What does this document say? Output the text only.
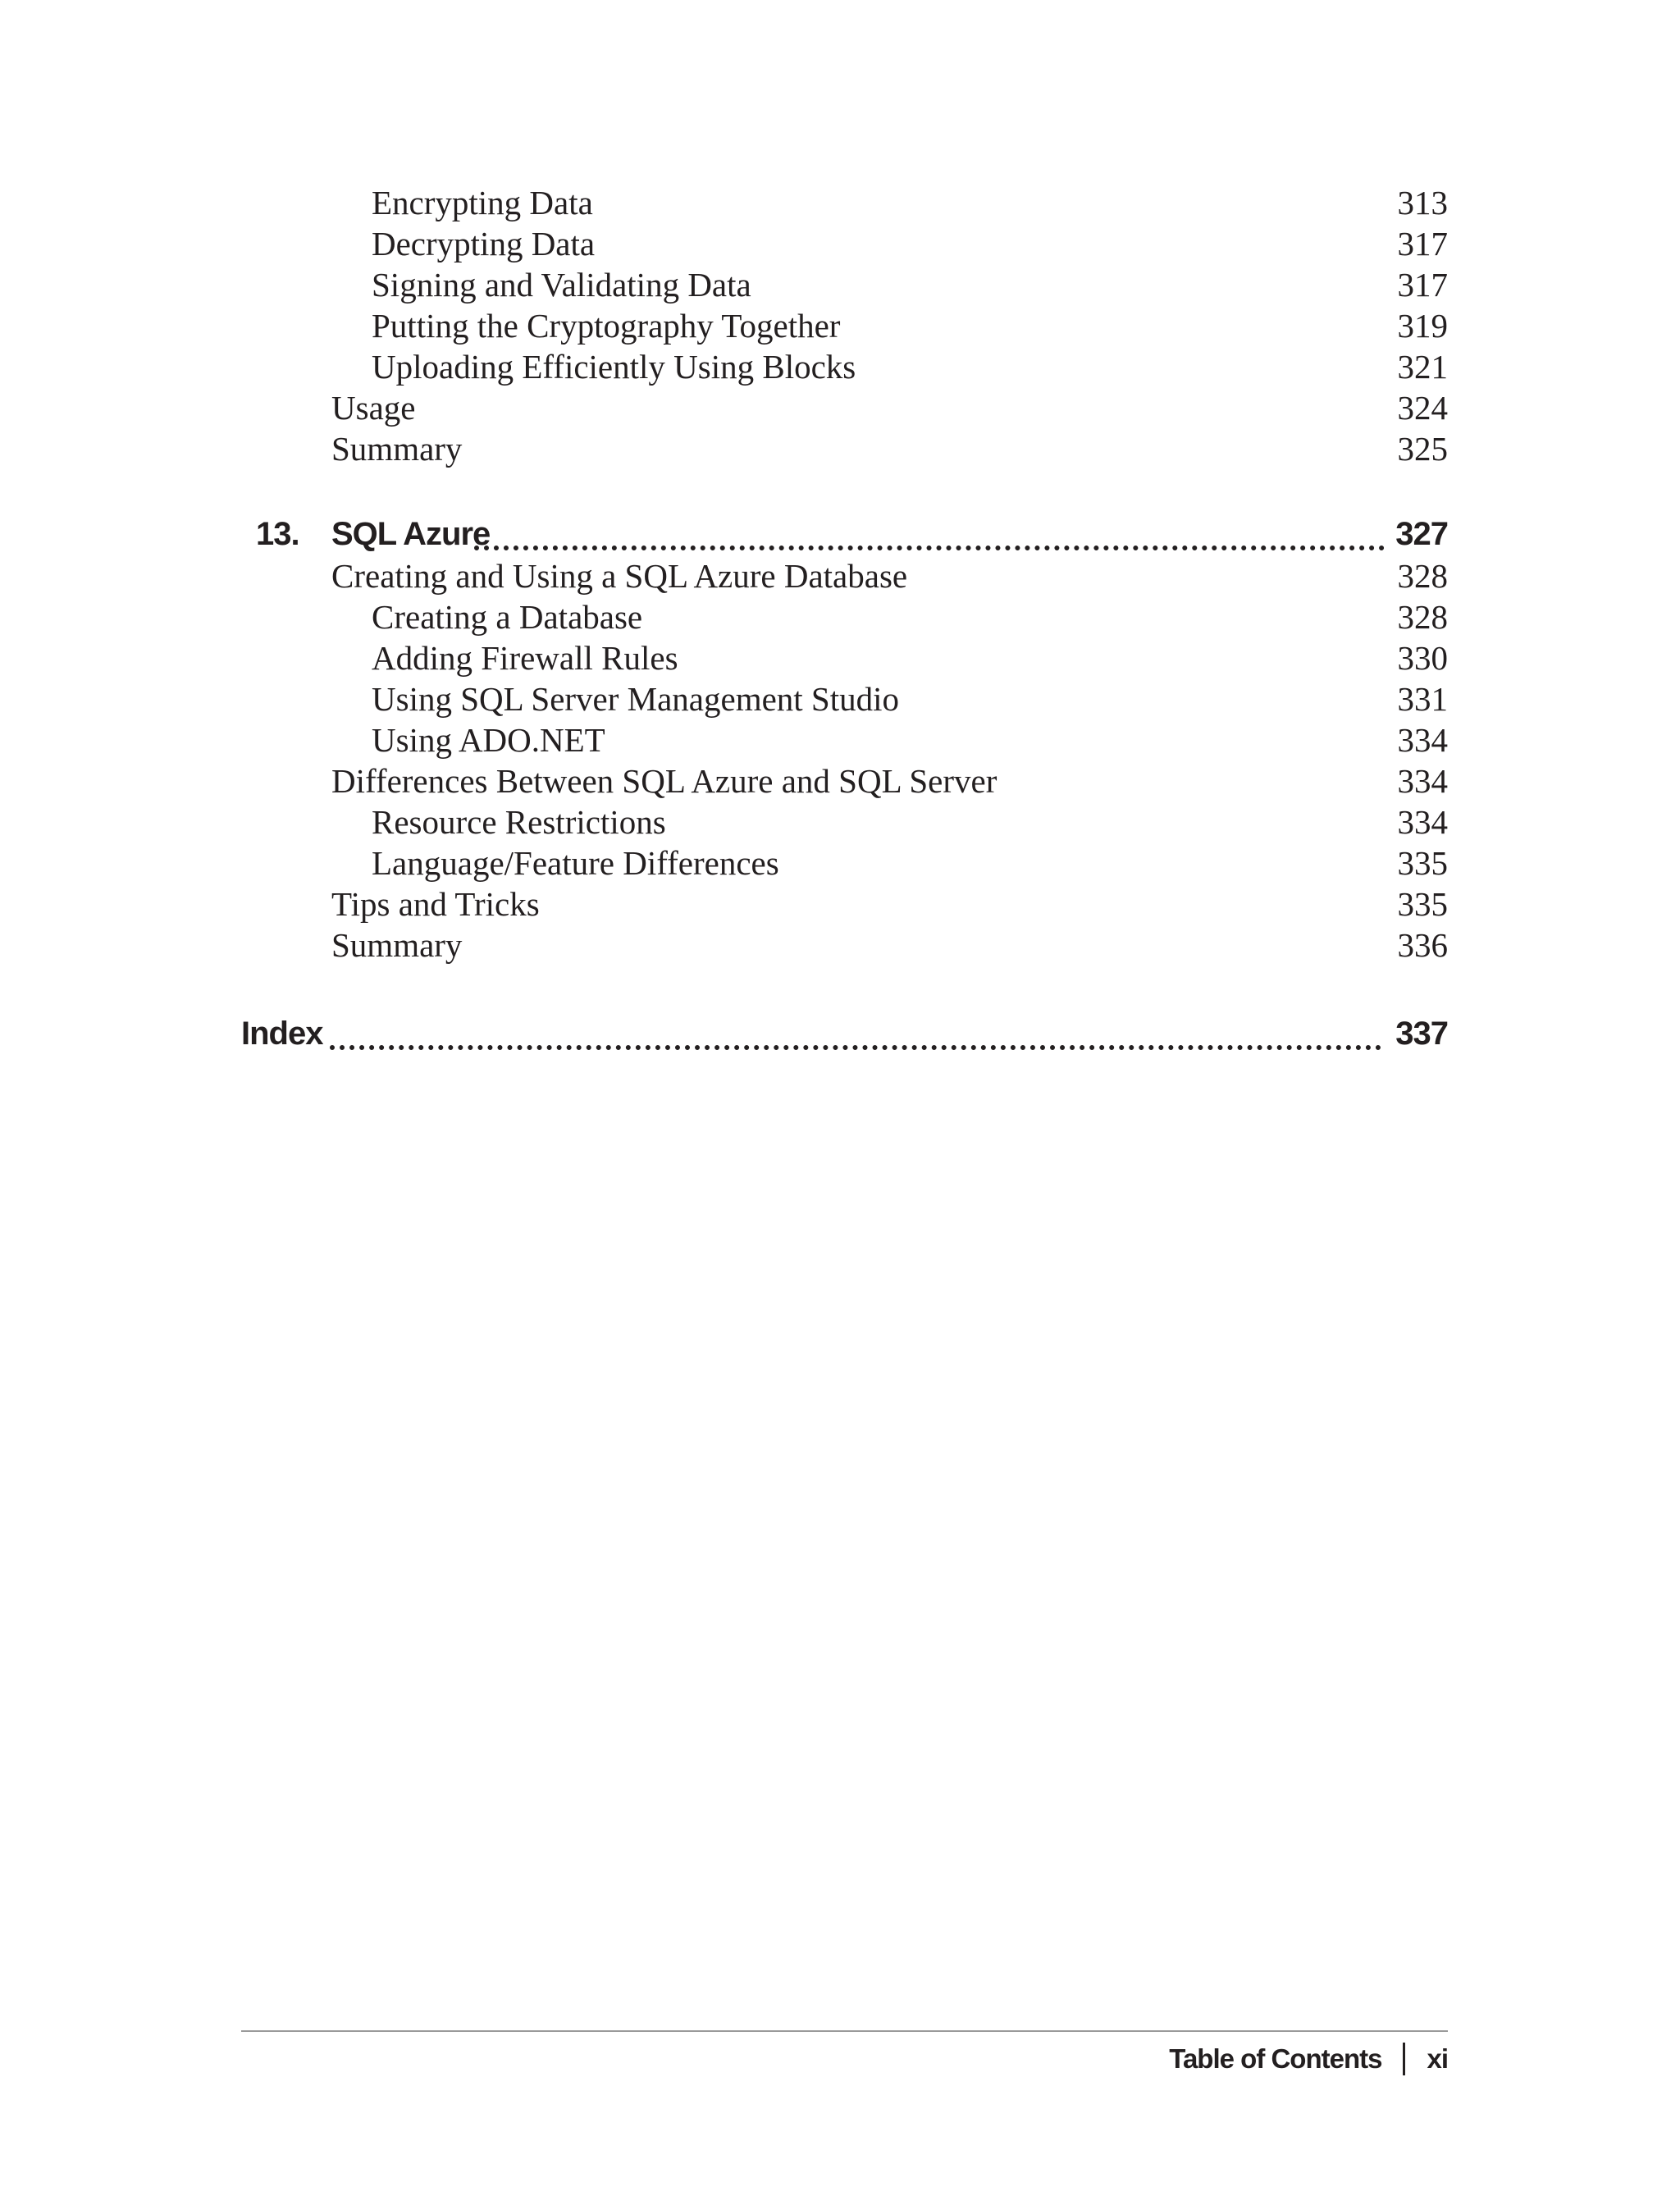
Encrypting Data	313
Decrypting Data	317
Signing and Validating Data	317
Putting the Cryptography Together	319
Uploading Efficiently Using Blocks	321
Usage	324
Summary	325
13. SQL Azure	327
Creating and Using a SQL Azure Database	328
Creating a Database	328
Adding Firewall Rules	330
Using SQL Server Management Studio	331
Using ADO.NET	334
Differences Between SQL Azure and SQL Server	334
Resource Restrictions	334
Language/Feature Differences	335
Tips and Tricks	335
Summary	336
Index	337
Table of Contents xi
